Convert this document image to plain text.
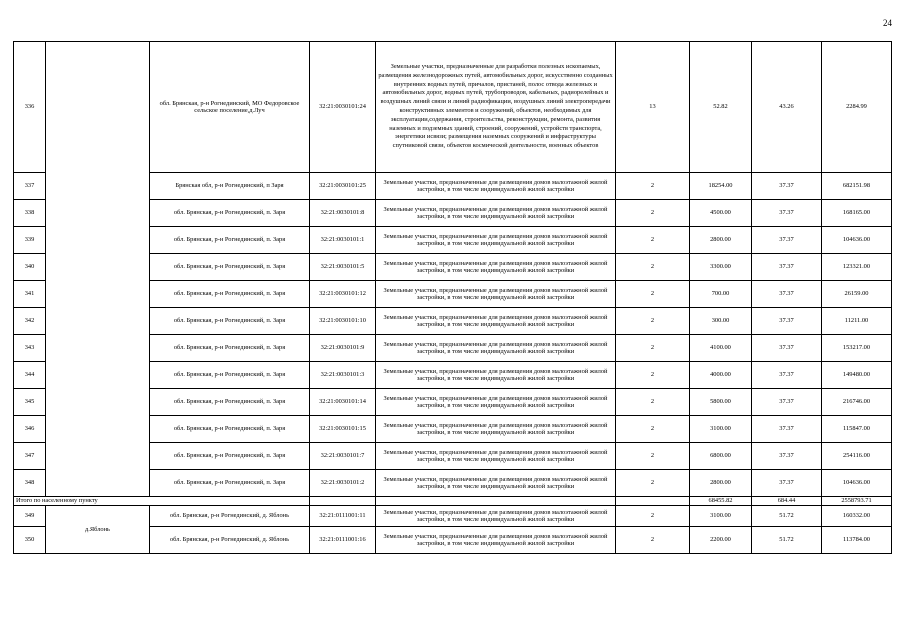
24
336		обл. Брянская, р-н Рогнединский, МО Федоровское сельское поселение,д.Луч	32:21:0030101:24	Земельные участки, предназначенные для разработки полезных ископаемых, размещения железнодорожных путей, автомобильных дорог, искусственно созданных внутренних водных путей, причалов, пристаней, полос отвода железных и автомобильных дорог, водных путей, трубопроводов, кабельных, радиорелейных и воздушных линий связи и линий радиофикации, воздушных линий электропередачи конструктивных элементов и сооружений, объектов, необходимых для эксплуатации,содержания, строительства, реконструкции, ремонта, развития наземных и подземных зданий, строений, сооружений, устройств транспорта, энергетики исвязи; размещения наземных сооружений и инфраструктуры спутниковой связи, объектов космической деятельности, военных объектов	13	52.82	43.26	2284.99
337		Брянская обл, р-н Рогнединский, п Заря	32:21:0030101:25	Земельные участки, предназначенные для размещения домов малоэтажной жилой застройки, в том числе индивидуальной жилой застройки	2	18254.00	37.37	682151.98
338		обл. Брянская, р-н Рогнединский, п. Заря	32:21:0030101:8	Земельные участки, предназначенные для размещения домов малоэтажной жилой застройки, в том числе индивидуальной жилой застройки	2	4500.00	37.37	168165.00
339		обл. Брянская, р-н Рогнединский, п. Заря	32:21:0030101:1	Земельные участки, предназначенные для размещения домов малоэтажной жилой застройки, в том числе индивидуальной жилой застройки	2	2800.00	37.37	104636.00
340		обл. Брянская, р-н Рогнединский, п. Заря	32:21:0030101:5	Земельные участки, предназначенные для размещения домов малоэтажной жилой застройки, в том числе индивидуальной жилой застройки	2	3300.00	37.37	123321.00
341		обл. Брянская, р-н Рогнединский, п. Заря	32:21:0030101:12	Земельные участки, предназначенные для размещения домов малоэтажной жилой застройки, в том числе индивидуальной жилой застройки	2	700.00	37.37	26159.00
342		обл. Брянская, р-н Рогнединский, п. Заря	32:21:0030101:10	Земельные участки, предназначенные для размещения домов малоэтажной жилой застройки, в том числе индивидуальной жилой застройки	2	300.00	37.37	11211.00
343		обл. Брянская, р-н Рогнединский, п. Заря	32:21:0030101:9	Земельные участки, предназначенные для размещения домов малоэтажной жилой застройки, в том числе индивидуальной жилой застройки	2	4100.00	37.37	153217.00
344		обл. Брянская, р-н Рогнединский, п. Заря	32:21:0030101:3	Земельные участки, предназначенные для размещения домов малоэтажной жилой застройки, в том числе индивидуальной жилой застройки	2	4000.00	37.37	149480.00
345		обл. Брянская, р-н Рогнединский, п. Заря	32:21:0030101:14	Земельные участки, предназначенные для размещения домов малоэтажной жилой застройки, в том числе индивидуальной жилой застройки	2	5800.00	37.37	216746.00
346		обл. Брянская, р-н Рогнединский, п. Заря	32:21:0030101:15	Земельные участки, предназначенные для размещения домов малоэтажной жилой застройки, в том числе индивидуальной жилой застройки	2	3100.00	37.37	115847.00
347		обл. Брянская, р-н Рогнединский, п. Заря	32:21:0030101:7	Земельные участки, предназначенные для размещения домов малоэтажной жилой застройки, в том числе индивидуальной жилой застройки	2	6800.00	37.37	254116.00
348		обл. Брянская, р-н Рогнединский, п. Заря	32:21:0030101:2	Земельные участки, предназначенные для размещения домов малоэтажной жилой застройки, в том числе индивидуальной жилой застройки	2	2800.00	37.37	104636.00
Итого по населенному пункту						68455.82	684.44	2558793.71
349	д.Яблонь	обл. Брянская, р-н Рогнединский, д. Яблонь	32:21:0111001:11	Земельные участки, предназначенные для размещения домов малоэтажной жилой застройки, в том числе индивидуальной жилой застройки	2	3100.00	51.72	160332.00
350		обл. Брянская, р-н Рогнединский, д. Яблонь	32:21:0111001:16	Земельные участки, предназначенные для размещения домов малоэтажной жилой застройки, в том числе индивидуальной жилой застройки	2	2200.00	51.72	113784.00
